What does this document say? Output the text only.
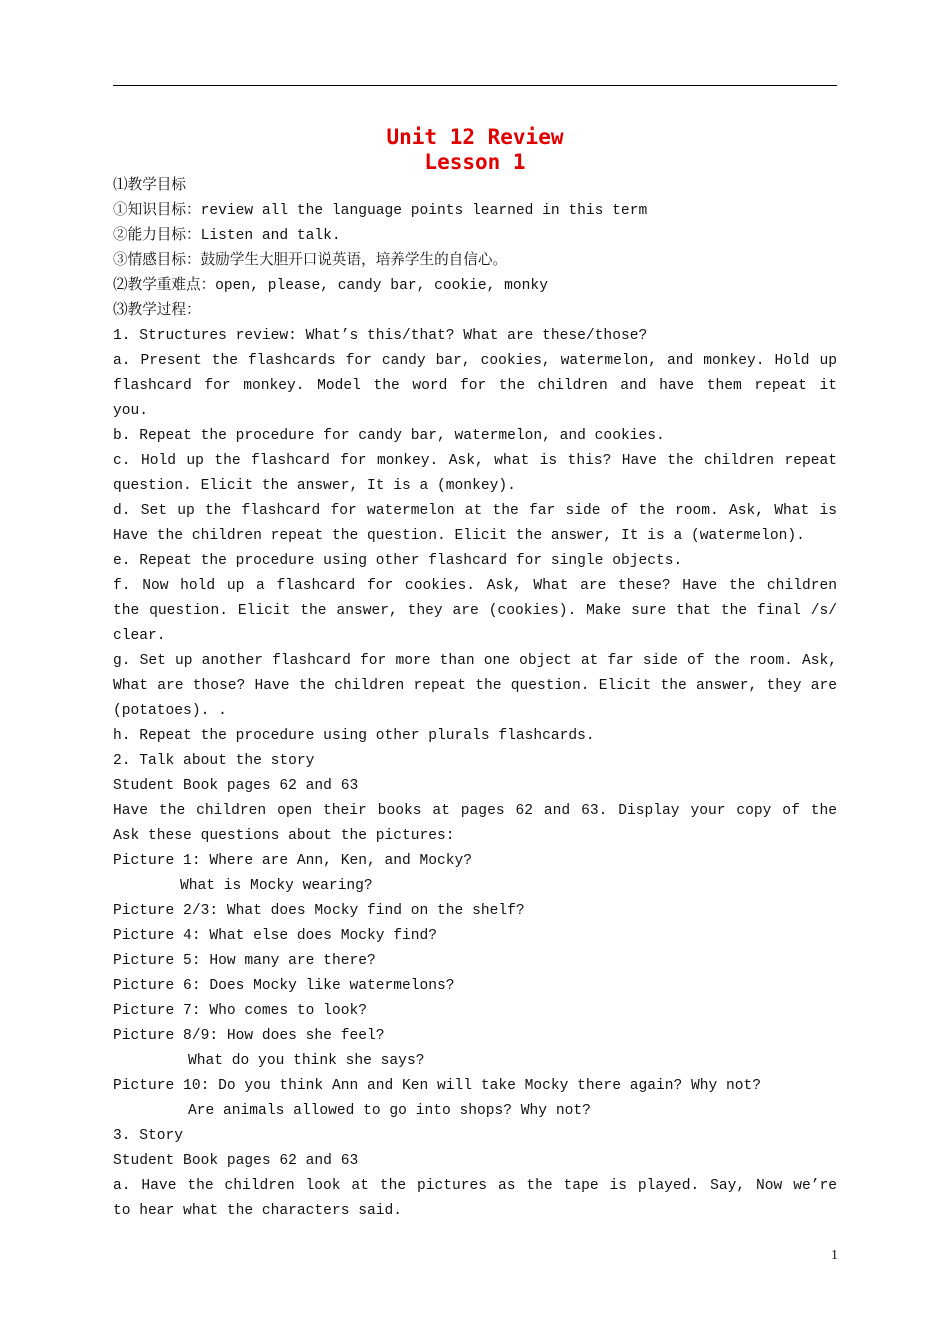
Unit 12 Review
Lesson 1
⑴教学目标
①知识目标：review all the language points learned in this term
②能力目标：Listen and talk.
③情感目标：鼓励学生大胆开口说英语，培养学生的自信心。
⑵教学重难点：open, please, candy bar, cookie, monky
⑶教学过程：
1. Structures review: What’s this/that? What are these/those?
a. Present the flashcards for candy bar, cookies, watermelon, and monkey. Hold up
flashcard for monkey. Model the word for the children and have them repeat it
you.
b. Repeat the procedure for candy bar, watermelon, and cookies.
c. Hold up the flashcard for monkey. Ask, what is this? Have the children repeat
question. Elicit the answer, It is a (monkey).
d. Set up the flashcard for watermelon at the far side of the room. Ask, What is
Have the children repeat the question. Elicit the answer, It is a (watermelon).
e. Repeat the procedure using other flashcard for single objects.
f. Now hold up a flashcard for cookies. Ask, What are these? Have the children
the question. Elicit the answer, they are (cookies). Make sure that the final /s/
clear.
g. Set up another flashcard for more than one object at far side of the room. Ask,
What are those? Have the children repeat the question. Elicit the answer, they are
(potatoes). .
h. Repeat the procedure using other plurals flashcards.
2. Talk about the story
Student Book pages 62 and 63
Have the children open their books at pages 62 and 63. Display your copy of the
Ask these questions about the pictures:
Picture 1: Where are Ann, Ken, and Mocky?
What is Mocky wearing?
Picture 2/3: What does Mocky find on the shelf?
Picture 4: What else does Mocky find?
Picture 5: How many are there?
Picture 6: Does Mocky like watermelons?
Picture 7: Who comes to look?
Picture 8/9: How does she feel?
What do you think she says?
Picture 10: Do you think Ann and Ken will take Mocky there again? Why not?
Are animals allowed to go into shops? Why not?
3. Story
Student Book pages 62 and 63
a. Have the children look at the pictures as the tape is played. Say, Now we’re
to hear what the characters said.
1
